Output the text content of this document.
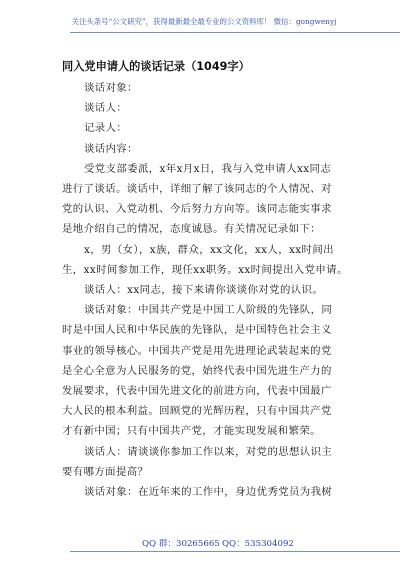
关注头条号“公文研究”，获得最新最全最专业的公文资料库！ 微信：gongwenyj
同入党申请人的谈话记录（1049字）

谈话对象：

谈话人：

记录人：

谈话内容：

受党支部委派，x年x月x日，我与入党申请人xx同志

进行了谈话。谈话中，详细了解了该同志的个人情况、对

党的认识、入党动机、今后努力方向等。该同志能实事求

是地介绍自己的情况，态度诚恳。有关情况记录如下：

x，男（女），x族，群众，xx文化，xx人，xx时间出

生，xx时间参加工作，现任xx职务。xx时间提出入党申请。

谈话人：xx同志，接下来请你谈谈你对党的认识。

谈话对象：中国共产党是中国工人阶级的先锋队，同

时是中国人民和中华民族的先锋队，是中国特色社会主义

事业的领导核心。中国共产党是用先进理论武装起来的党

是全心全意为人民服务的党，始终代表中国先进生产力的

发展要求，代表中国先进文化的前进方向，代表中国最广

大人民的根本利益。回顾党的光辉历程，只有中国共产党

才有新中国；只有中国共产党，才能实现发展和繁荣。

谈话人：请谈谈你参加工作以来，对党的思想认识主

要有哪方面提高？

谈话对象：在近年来的工作中，身边优秀党员为我树

QQ 群：30265665 QQ：535304092
